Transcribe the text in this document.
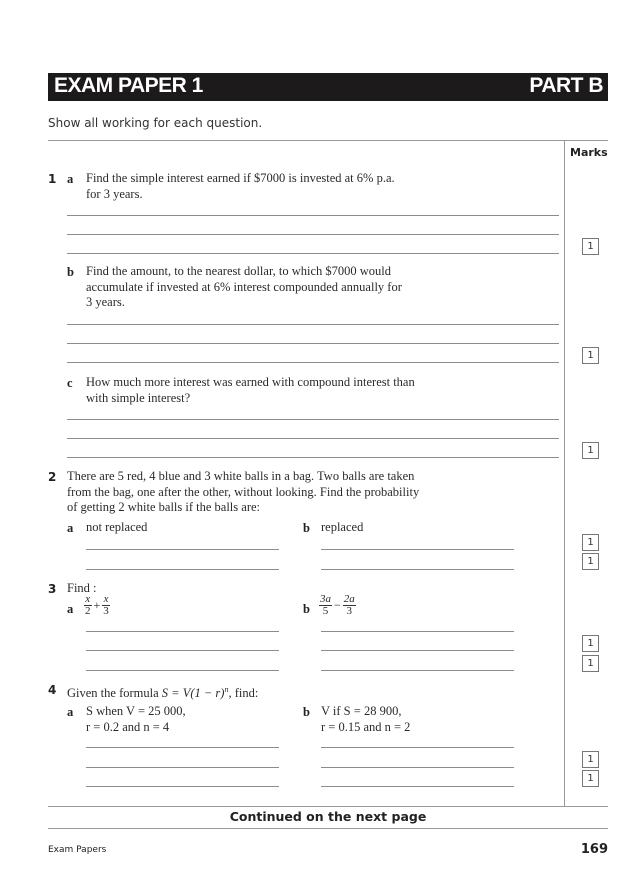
EXAM PAPER 1	PART B
Show all working for each question.
Marks
1 a Find the simple interest earned if $7000 is invested at 6% p.a.
for 3 years.
1
b Find the amount, to the nearest dollar, to which $7000 would
accumulate if invested at 6% interest compounded annually for
3 years.
1
c How much more interest was earned with compound interest than
with simple interest?
1
2 There are 5 red, 4 blue and 3 white balls in a bag. Two balls are taken
from the bag, one after the other, without looking. Find the probability
of getting 2 white balls if the balls are:
a not replaced	b replaced
1
1
3 Find :
a $\frac{x}{2} + \frac{x}{3}$	b $\frac{3a}{5} - \frac{2a}{3}$
1
1
4 Given the formula $S = V(1 - r)^n$, find:
a S when V = 25 000,
r = 0.2 and n = 4
b V if S = 28 900,
r = 0.15 and n = 2
1
1
Continued on the next page
Exam Papers	169
